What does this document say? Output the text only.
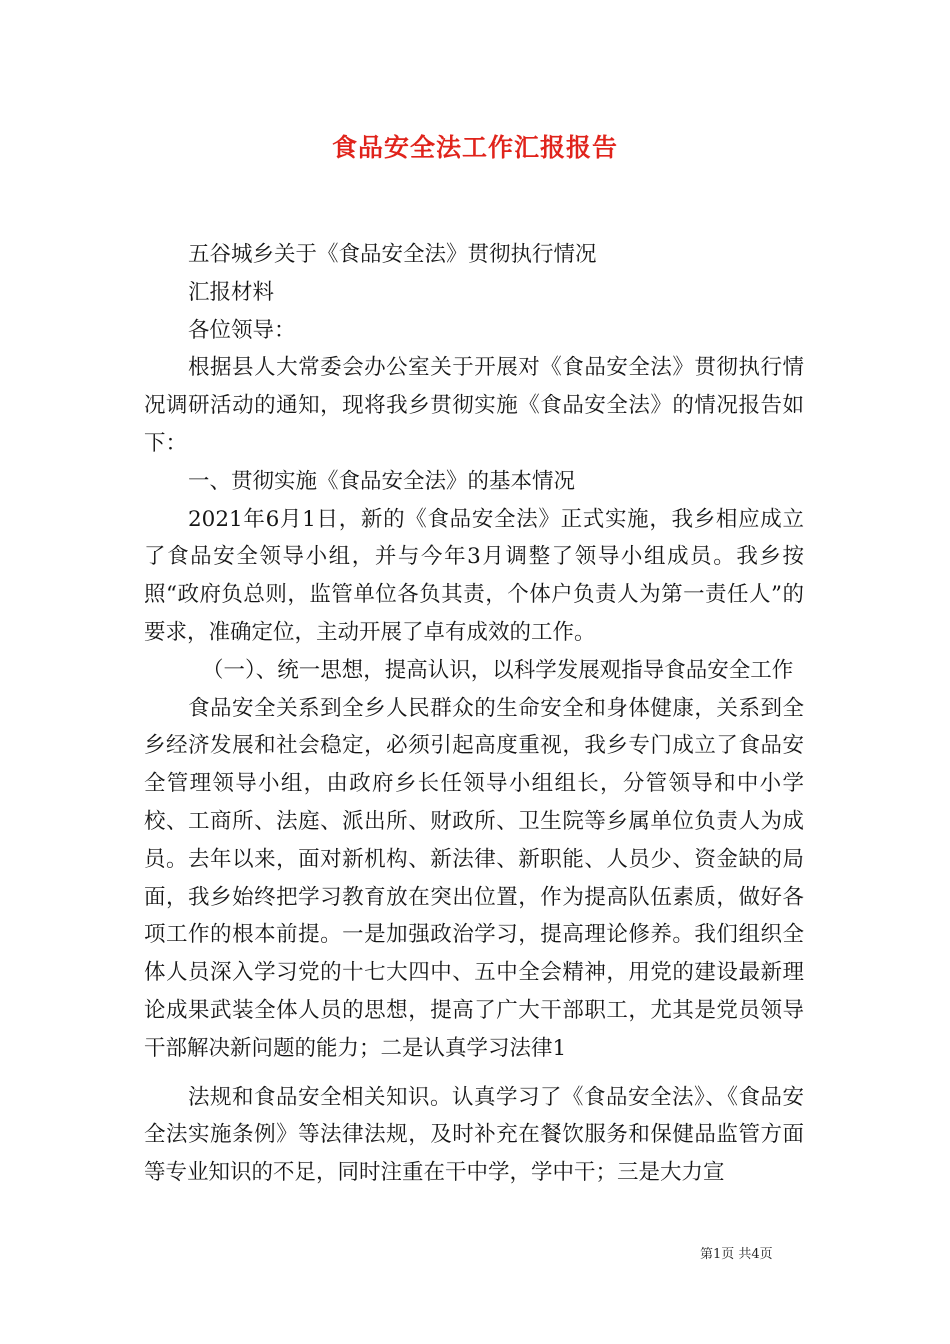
食品安全法工作汇报报告

五谷城乡关于《食品安全法》贯彻执行情况

汇报材料

各位领导：

根据县人大常委会办公室关于开展对《食品安全法》贯彻执行情况调研活动的通知，现将我乡贯彻实施《食品安全法》的情况报告如下：

一、贯彻实施《食品安全法》的基本情况

2021年6月1日，新的《食品安全法》正式实施，我乡相应成立了食品安全领导小组，并与今年3月调整了领导小组成员。我乡按照“政府负总则，监管单位各负其责，个体户负责人为第一责任人”的要求，准确定位，主动开展了卓有成效的工作。

（一）、统一思想，提高认识，以科学发展观指导食品安全工作

食品安全关系到全乡人民群众的生命安全和身体健康，关系到全乡经济发展和社会稳定，必须引起高度重视，我乡专门成立了食品安全管理领导小组，由政府乡长任领导小组组长，分管领导和中小学校、工商所、法庭、派出所、财政所、卫生院等乡属单位负责人为成员。去年以来，面对新机构、新法律、新职能、人员少、资金缺的局面，我乡始终把学习教育放在突出位置，作为提高队伍素质，做好各项工作的根本前提。一是加强政治学习，提高理论修养。我们组织全体人员深入学习党的十七大四中、五中全会精神，用党的建设最新理论成果武装全体人员的思想，提高了广大干部职工，尤其是党员领导干部解决新问题的能力；二是认真学习法律1

法规和食品安全相关知识。认真学习了《食品安全法》、《食品安全法实施条例》等法律法规，及时补充在餐饮服务和保健品监管方面等专业知识的不足，同时注重在干中学，学中干；三是大力宣

第1页 共4页
